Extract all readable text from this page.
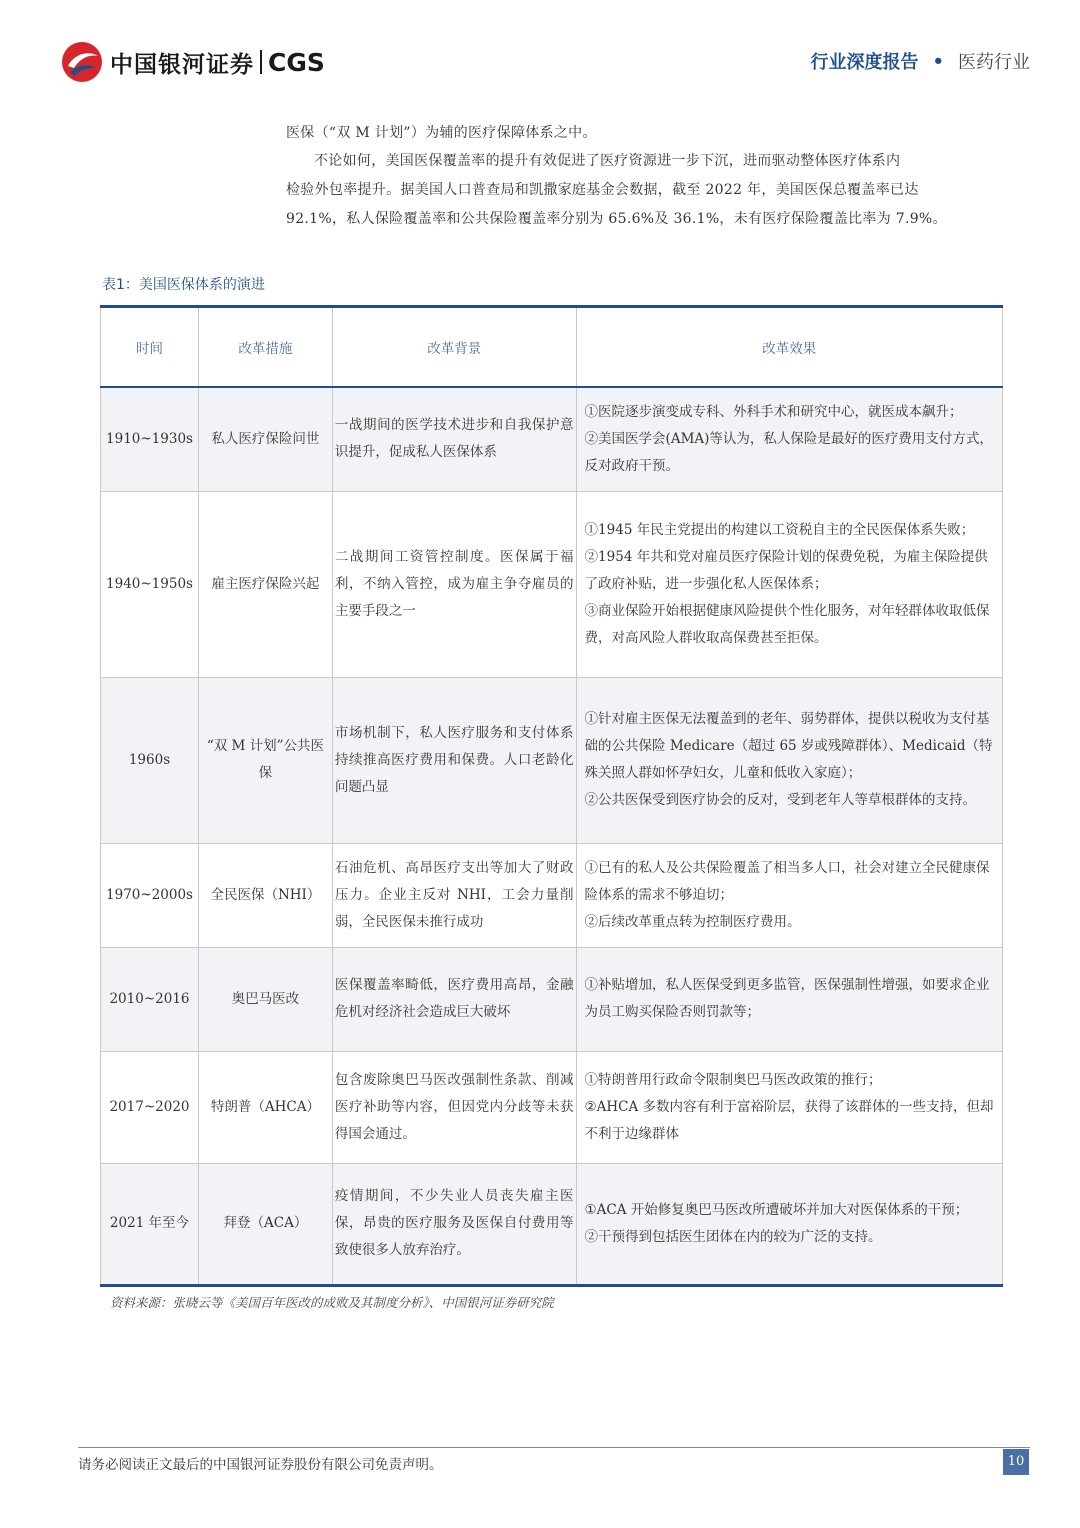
中国银河证券 CGS	行业深度报告 • 医药行业
医保（“双 M 计划”）为辅的医疗保障体系之中。
不论如何，美国医保覆盖率的提升有效促进了医疗资源进一步下沉，进而驱动整体医疗体系内
检验外包率提升。据美国人口普查局和凯撒家庭基金会数据，截至 2022 年，美国医保总覆盖率已达
92.1%，私人保险覆盖率和公共保险覆盖率分别为 65.6%及 36.1%，未有医疗保险覆盖比率为 7.9%。
表1：美国医保体系的演进
时间	改革措施	改革背景	改革效果
1910~1930s	私人医疗保险问世	一战期间的医学技术进步和自我保护意识提升，促成私人医保体系	①医院逐步演变成专科、外科手术和研究中心，就医成本飙升；
②美国医学会(AMA)等认为，私人保险是最好的医疗费用支付方式，反对政府干预。

1940~1950s	雇主医疗保险兴起	二战期间工资管控制度。医保属于福利，不纳入管控，成为雇主争夺雇员的主要手段之一	①1945 年民主党提出的构建以工资税自主的全民医保体系失败；
②1954 年共和党对雇员医疗保险计划的保费免税，为雇主保险提供了政府补贴，进一步强化私人医保体系；
③商业保险开始根据健康风险提供个性化服务，对年轻群体收取低保费，对高风险人群收取高保费甚至拒保。

1960s	“双 M 计划”公共医保	市场机制下，私人医疗服务和支付体系持续推高医疗费用和保费。人口老龄化问题凸显	①针对雇主医保无法覆盖到的老年、弱势群体，提供以税收为支付基础的公共保险 Medicare（超过 65 岁或残障群体）、Medicaid（特殊关照人群如怀孕妇女，儿童和低收入家庭）；
②公共医保受到医疗协会的反对，受到老年人等草根群体的支持。

1970~2000s	全民医保（NHI）	石油危机、高昂医疗支出等加大了财政压力。企业主反对 NHI，工会力量削弱，全民医保未推行成功	①已有的私人及公共保险覆盖了相当多人口，社会对建立全民健康保险体系的需求不够迫切；
②后续改革重点转为控制医疗费用。

2010~2016	奥巴马医改	医保覆盖率畸低，医疗费用高昂，金融危机对经济社会造成巨大破坏	①补贴增加，私人医保受到更多监管，医保强制性增强，如要求企业为员工购买保险否则罚款等；

2017~2020	特朗普（AHCA）	包含废除奥巴马医改强制性条款、削减医疗补助等内容，但因党内分歧等未获得国会通过。	①特朗普用行政命令限制奥巴马医改政策的推行；
②AHCA 多数内容有利于富裕阶层，获得了该群体的一些支持，但却不利于边缘群体

2021 年至今	拜登（ACA）	疫情期间，不少失业人员丧失雇主医保，昂贵的医疗服务及医保自付费用等致使很多人放弃治疗。	①ACA 开始修复奥巴马医改所遭破坏并加大对医保体系的干预；
②干预得到包括医生团体在内的较为广泛的支持。
资料来源：张晓云等《美国百年医改的成败及其制度分析》、中国银河证券研究院
请务必阅读正文最后的中国银河证券股份有限公司免责声明。	10
